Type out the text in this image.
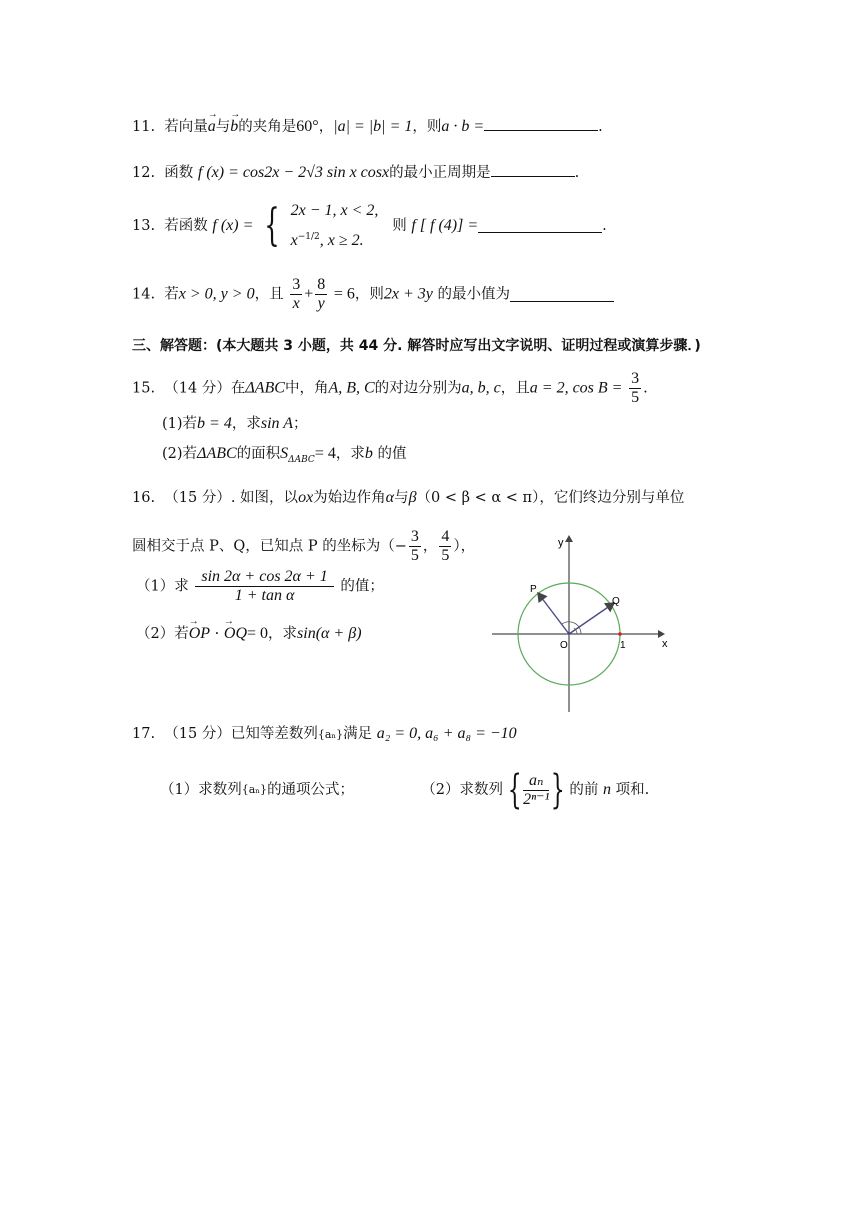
11. 若向量→ a与→ b的夹角是60°，|a| = |b| = 1，则a · b =	.
12. 函数 f (x) = cos2x − 2√3 sin x cosx的最小正周期是	.
13. 若函数 f (x) = { 2x − 1, x < 2,
$x^{-1/2}$, x ≥ 2.
则 f [ f (4)] =	.
14. 若x > 0, y > 0，且 $\frac{3}{x} + \frac{8}{y} = 6$，则2x + 3y 的最小值为
三、解答题：(本大题共 3 小题，共 44 分. 解答时应写出文字说明、证明过程或演算步骤．)
15. （14 分）在ΔABC中，角A, B, C的对边分别为a, b, c，且a = 2, $\cos B = \frac{3}{5}$ .
(1)若b = 4，求sin A；
(2)若ΔABC的面积$S_{\Delta ABC}= 4$，求b 的值
16. （15 分）. 如图，以ox为始边作角α与β（0 < β < α < π），它们终边分别与单位
圆相交于点 P、Q，已知点 P 的坐标为（− $\frac{3}{5}$ ， $\frac{4}{5}$ ），
（1）求 $\frac{\sin 2\alpha + \cos 2\alpha + 1}{\text{1 + tan α}}$ 的值；
（2）若→ OP · → OQ= 0，求sin(α + β)
y
x
O	1
P
Q
17. （15 分）已知等差数列{aₙ}满足 a₂ = 0, a₆ + a₈ = −10
（1）求数列{aₙ}的通项公式；	（2）求数列 { $\frac{\text{aₙ}}{\text{2ⁿ⁻¹}}$ } 的前 n 项和.
